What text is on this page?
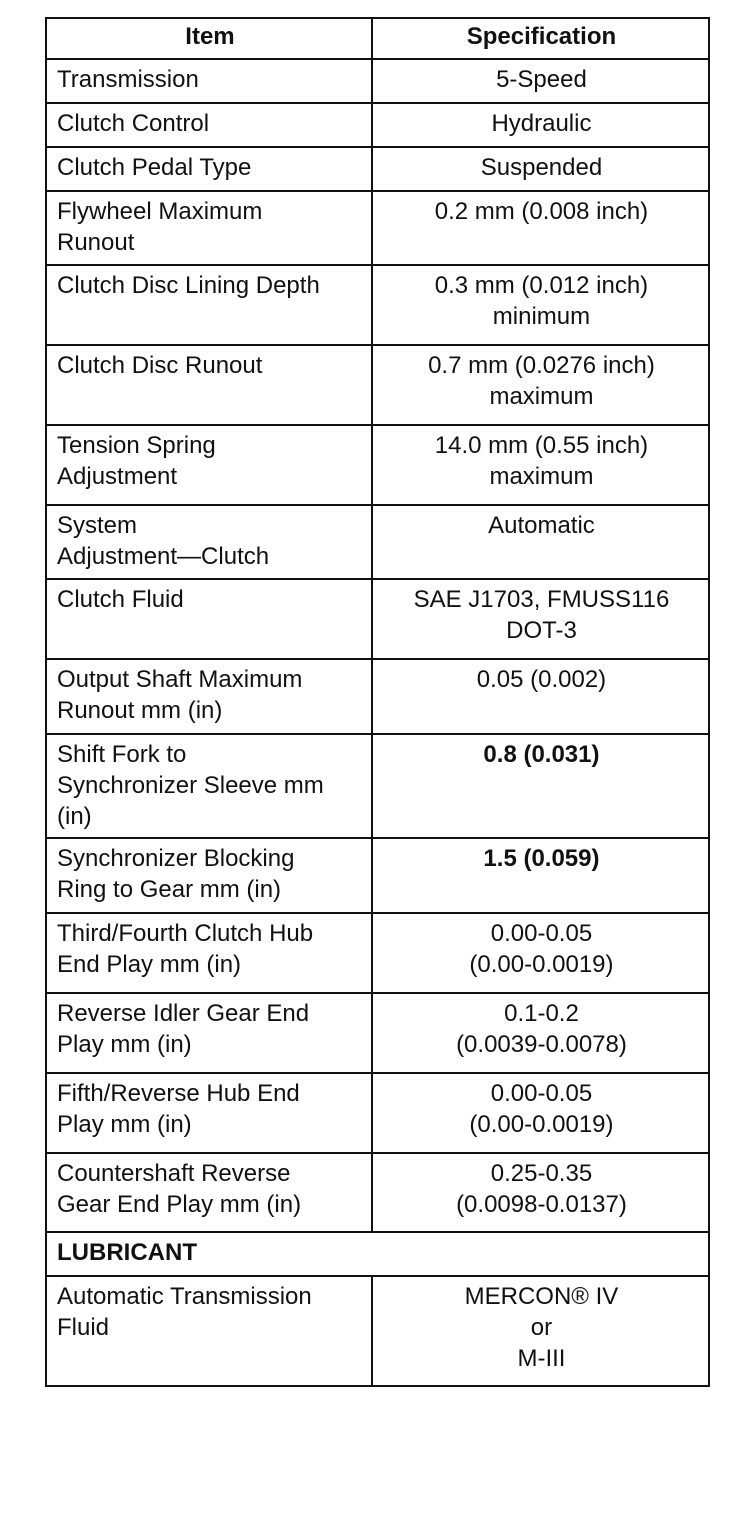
Item	Specification

Transmission	5-Speed

Clutch Control	Hydraulic

Clutch Pedal Type	Suspended

Flywheel Maximum
Runout	0.2 mm (0.008 inch)

Clutch Disc Lining Depth	0.3 mm (0.012 inch)
minimum

Clutch Disc Runout	0.7 mm (0.0276 inch)
maximum

Tension Spring
Adjustment	14.0 mm (0.55 inch)
maximum

System
Adjustment—Clutch	Automatic

Clutch Fluid	SAE J1703, FMUSS116
DOT-3

Output Shaft Maximum
Runout mm (in)	0.05 (0.002)

Shift Fork to
Synchronizer Sleeve mm
(in)	0.8 (0.031)

Synchronizer Blocking
Ring to Gear mm (in)	1.5 (0.059)

Third/Fourth Clutch Hub
End Play mm (in)	0.00-0.05
(0.00-0.0019)

Reverse Idler Gear End
Play mm (in)	0.1-0.2
(0.0039-0.0078)

Fifth/Reverse Hub End
Play mm (in)	0.00-0.05
(0.00-0.0019)

Countershaft Reverse
Gear End Play mm (in)	0.25-0.35
(0.0098-0.0137)

LUBRICANT	

Automatic Transmission
Fluid	MERCON® IV
or
M-III
